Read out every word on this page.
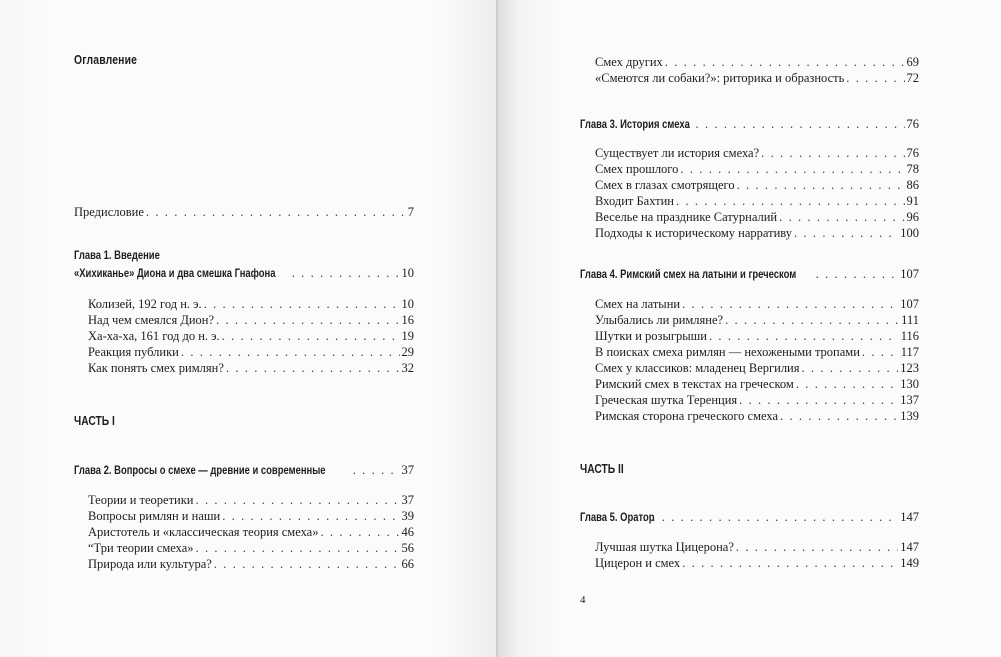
Оглавление
Предисловие . . .	7
Глава 1. Введение
«Хихиканье» Диона и два смешка Гнафона . . .	10
Колизей, 192 год н. э. . . .	10
Над чем смеялся Дион? . . .	16
Ха-ха-ха, 161 год до н. э. . . .	19
Реакция публики . . .	29
Как понять смех римлян? . . .	32
ЧАСТЬ I
Глава 2. Вопросы о смехе — древние и современные . . .	37
Теории и теоретики . . .	37
Вопросы римлян и наши . . .	39
Аристотель и «классическая теория смеха» . . .	46
“Три теории смеха» . . .	56
Природа или культура? . . .	66
Смех других . . .	69
«Смеются ли собаки?»: риторика и образность . . .	72
Глава 3. История смеха . . .	76
Существует ли история смеха? . . .	76
Смех прошлого . . .	78
Смех в глазах смотрящего . . .	86
Входит Бахтин . . .	91
Веселье на празднике Сатурналий . . .	96
Подходы к историческому нарративу . . .	100
Глава 4. Римский смех на латыни и греческом . . .	107
Смех на латыни . . .	107
Улыбались ли римляне? . . .	111
Шутки и розыгрыши . . .	116
В поисках смеха римлян — нехожеными тропами . . .	117
Смех у классиков: младенец Вергилия . . .	123
Римский смех в текстах на греческом . . .	130
Греческая шутка Теренция . . .	137
Римская сторона греческого смеха . . .	139
ЧАСТЬ II
Глава 5. Оратор . . .	147
Лучшая шутка Цицерона? . . .	147
Цицерон и смех . . .	149
4
